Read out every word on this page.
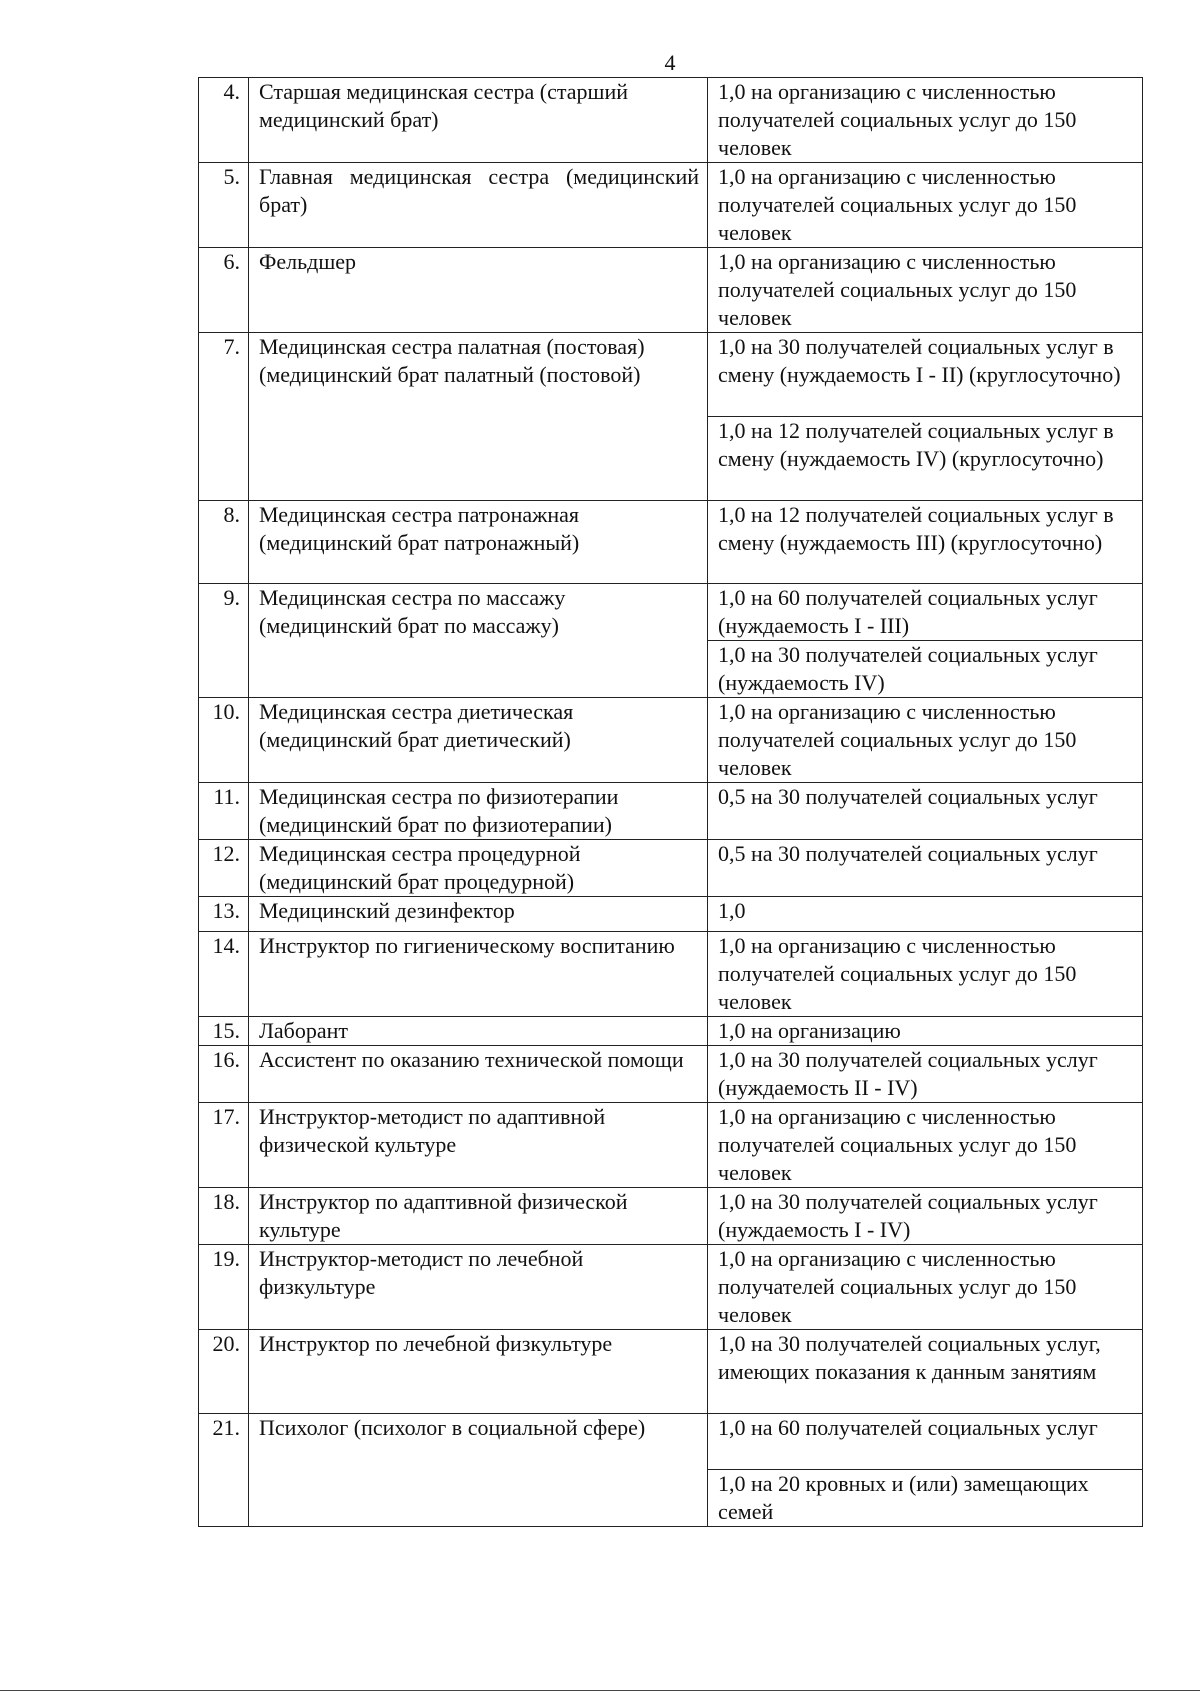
4
4.	Старшая медицинская сестра (старший медицинский брат)	1,0 на организацию с численностью получателей социальных услуг до 150 человек
5.	Главная медицинская сестра (медицинский брат)	1,0 на организацию с численностью получателей социальных услуг до 150 человек
6.	Фельдшер	1,0 на организацию с численностью получателей социальных услуг до 150 человек
7.	Медицинская сестра палатная (постовая) (медицинский брат палатный (постовой)	1,0 на 30 получателей социальных услуг в смену (нуждаемость I - II) (круглосуточно)
		1,0 на 12 получателей социальных услуг в смену (нуждаемость IV) (круглосуточно)
8.	Медицинская сестра патронажная (медицинский брат патронажный)	1,0 на 12 получателей социальных услуг в смену (нуждаемость III) (круглосуточно)
9.	Медицинская сестра по массажу (медицинский брат по массажу)	1,0 на 60 получателей социальных услуг (нуждаемость I - III)
		1,0 на 30 получателей социальных услуг (нуждаемость IV)
10.	Медицинская сестра диетическая (медицинский брат диетический)	1,0 на организацию с численностью получателей социальных услуг до 150 человек
11.	Медицинская сестра по физиотерапии (медицинский брат по физиотерапии)	0,5 на 30 получателей социальных услуг
12.	Медицинская сестра процедурной (медицинский брат процедурной)	0,5 на 30 получателей социальных услуг
13.	Медицинский дезинфектор	1,0
14.	Инструктор по гигиеническому воспитанию	1,0 на организацию с численностью получателей социальных услуг до 150 человек
15.	Лаборант	1,0 на организацию
16.	Ассистент по оказанию технической помощи	1,0 на 30 получателей социальных услуг (нуждаемость II - IV)
17.	Инструктор-методист по адаптивной физической культуре	1,0 на организацию с численностью получателей социальных услуг до 150 человек
18.	Инструктор по адаптивной физической культуре	1,0 на 30 получателей социальных услуг (нуждаемость I - IV)
19.	Инструктор-методист по лечебной физкультуре	1,0 на организацию с численностью получателей социальных услуг до 150 человек
20.	Инструктор по лечебной физкультуре	1,0 на 30 получателей социальных услуг, имеющих показания к данным занятиям
21.	Психолог (психолог в социальной сфере)	1,0 на 60 получателей социальных услуг
		1,0 на 20 кровных и (или) замещающих семей
